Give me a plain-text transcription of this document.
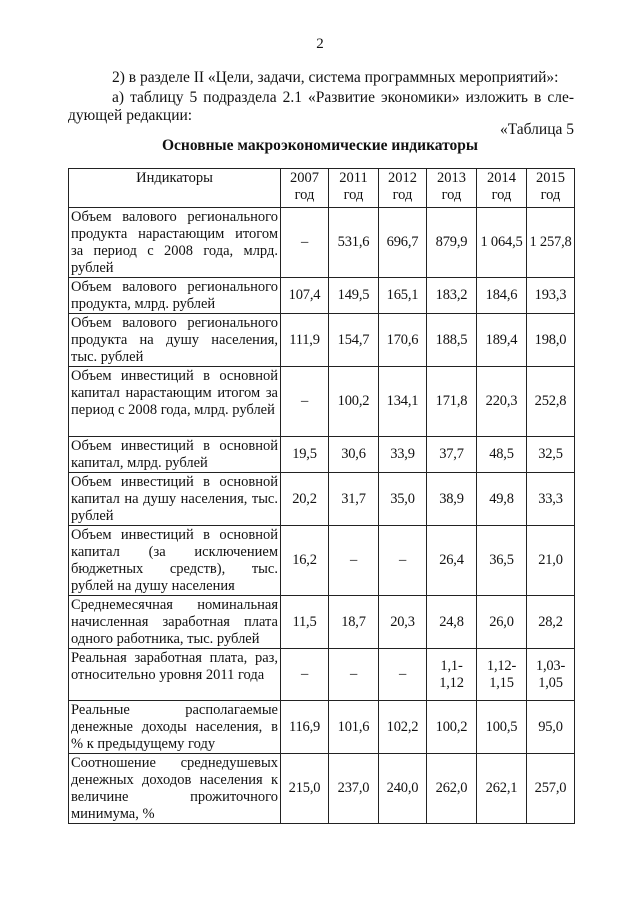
2
2) в разделе II «Цели, задачи, система программных мероприятий»:
а) таблицу 5 подраздела 2.1 «Развитие экономики» изложить в сле-
дующей редакции:
«Таблица 5
Основные макроэкономические индикаторы
Индикаторы	2007 год	2011 год	2012 год	2013 год	2014 год	2015 год
Объем валового регионального продукта нарастающим итогом за период с 2008 года, млрд. рублей	–	531,6	696,7	879,9	1 064,5	1 257,8
Объем валового регионального продукта, млрд. рублей	107,4	149,5	165,1	183,2	184,6	193,3
Объем валового регионального продукта на душу населения, тыс. рублей	111,9	154,7	170,6	188,5	189,4	198,0
Объем инвестиций в основной капитал нарастающим итогом за период с 2008 года, млрд. рублей	–	100,2	134,1	171,8	220,3	252,8
Объем инвестиций в основной капитал, млрд. рублей	19,5	30,6	33,9	37,7	48,5	32,5
Объем инвестиций в основной капитал на душу населения, тыс. рублей	20,2	31,7	35,0	38,9	49,8	33,3
Объем инвестиций в основной капитал (за исключением бюджетных средств), тыс. рублей на душу населения	16,2	–	–	26,4	36,5	21,0
Среднемесячная номинальная начисленная заработная плата одного работника, тыс. рублей	11,5	18,7	20,3	24,8	26,0	28,2
Реальная заработная плата, раз, относительно уровня 2011 года	–	–	–	1,1-1,12	1,12-1,15	1,03-1,05
Реальные располагаемые денежные доходы населения, в % к предыдущему году	116,9	101,6	102,2	100,2	100,5	95,0
Соотношение среднедушевых денежных доходов населения к величине прожиточного минимума, %	215,0	237,0	240,0	262,0	262,1	257,0
